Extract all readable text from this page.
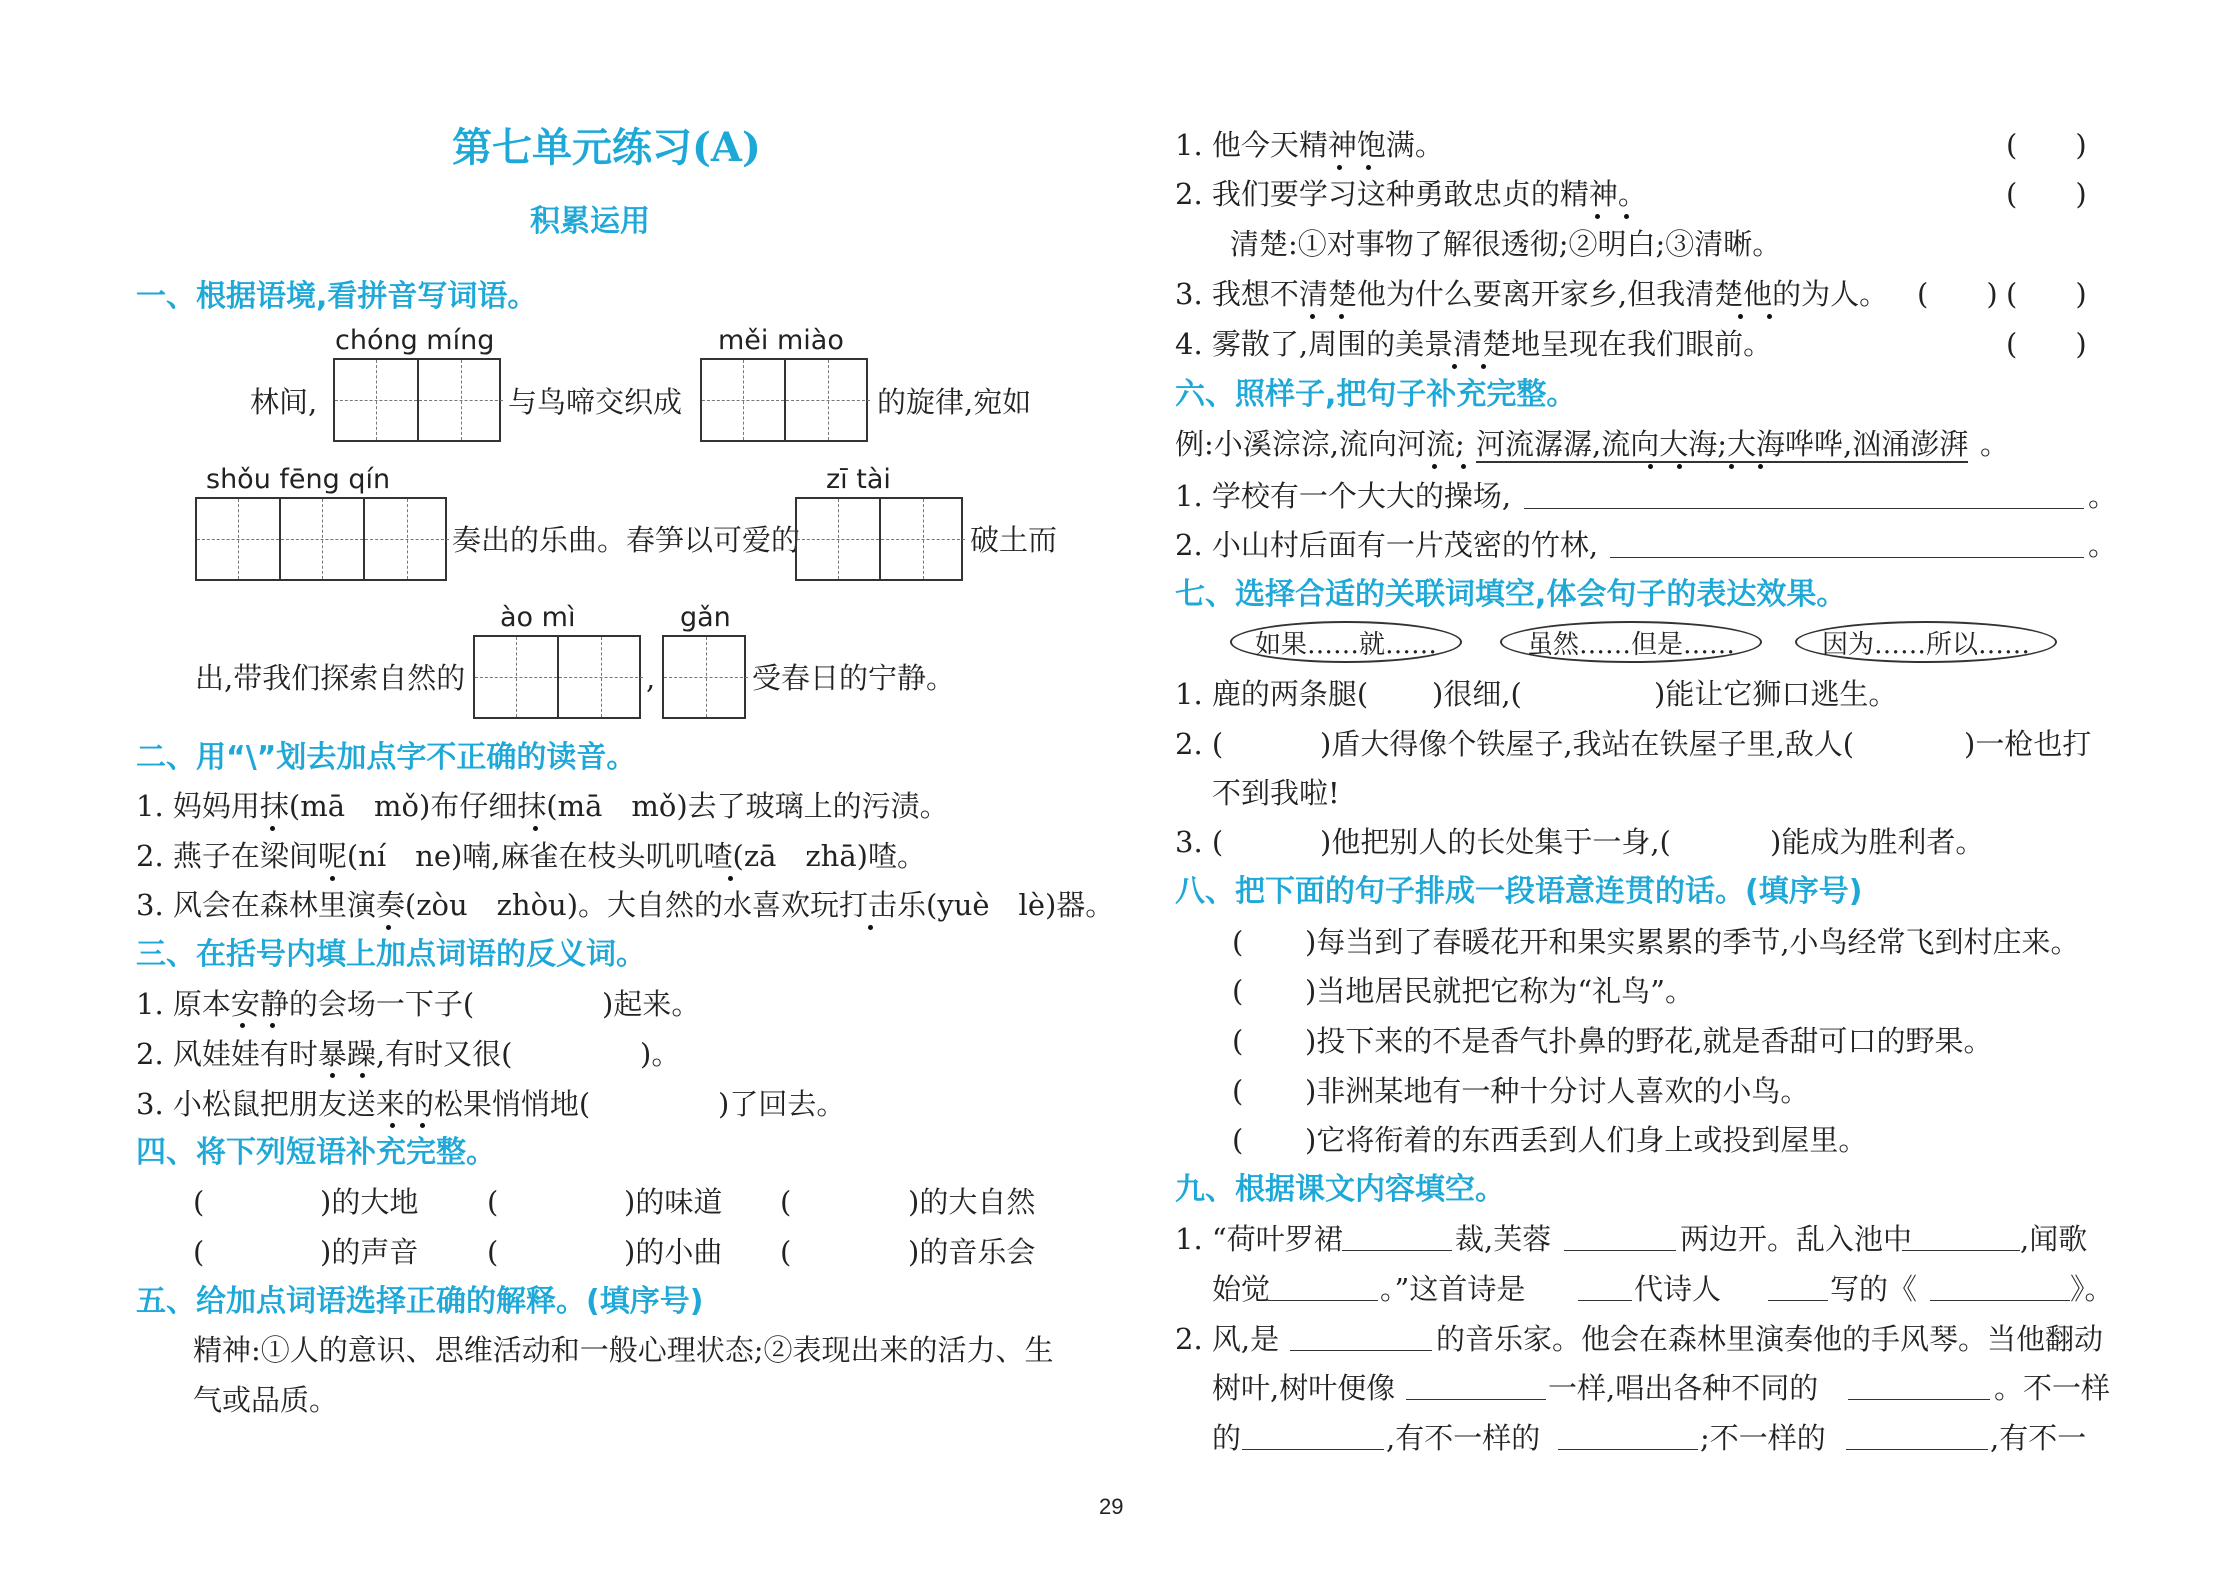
第七单元练习(A)
积累运用
一、根据语境,看拼音写词语。
chóng míng	měi miào
林间,	与鸟啼交织成	的旋律,宛如
shǒu fēng qín	zī tài
奏出的乐曲。春笋以可爱的	破土而
ào mì	gǎn
出,带我们探索自然的	,	受春日的宁静。
二、用“\”划去加点字不正确的读音。
1. 妈妈用抹(mā　mǒ)布仔细抹(mā　mǒ)去了玻璃上的污渍。
2. 燕子在梁间呢(ní　ne)喃,麻雀在枝头叽叽喳(zā　zhā)喳。
3. 风会在森林里演奏(zòu　zhòu)。大自然的水喜欢玩打击乐(yuè　lè)器。
三、在括号内填上加点词语的反义词。
1. 原本安静的会场一下子(	)起来。
2. 风娃娃有时暴躁,有时又很(	)。
3. 小松鼠把朋友送来的松果悄悄地(	)了回去。
四、将下列短语补充完整。
(	)的大地 (	)的味道 (	)的大自然
(	)的声音 (	)的小曲 (	)的音乐会
五、给加点词语选择正确的解释。(填序号)
精神:①人的意识、思维活动和一般心理状态;②表现出来的活力、生
气或品质。
1. 他今天精神饱满。
2. 我们要学习这种勇敢忠贞的精神。
清楚:①对事物了解很透彻;②明白;③清晰。
3. 我想不清楚他为什么要离开家乡,但我清楚他的为人。
4. 雾散了,周围的美景清楚地呈现在我们眼前。
(　　)
(　　)
(　　) (　　)
(　　)
六、照样子,把句子补充完整。
例:小溪淙淙,流向河流; 河流潺潺,流向大海;大海哗哗,汹涌澎湃 。
1. 学校有一个大大的操场,	。
2. 小山村后面有一片茂密的竹林,	。
七、选择合适的关联词填空,体会句子的表达效果。
如果……就……	虽然……但是……	因为……所以……
1. 鹿的两条腿( )很细,(	)能让它狮口逃生。
2. (	)盾大得像个铁屋子,我站在铁屋子里,敌人(	)一枪也打
不到我啦!
3. (	)他把别人的长处集于一身,(	)能成为胜利者。
八、把下面的句子排成一段语意连贯的话。(填序号)
( )每当到了春暖花开和果实累累的季节,小鸟经常飞到村庄来。
( )当地居民就把它称为“礼鸟”。
( )投下来的不是香气扑鼻的野花,就是香甜可口的野果。
( )非洲某地有一种十分讨人喜欢的小鸟。
( )它将衔着的东西丢到人们身上或投到屋里。
九、根据课文内容填空。
1. “荷叶罗裙	裁,芙蓉	两边开。乱入池中	,闻歌
始觉	。”这首诗是	代诗人	写的《	》。
2. 风,是	的音乐家。他会在森林里演奏他的手风琴。当他翻动
树叶,树叶便像	一样,唱出各种不同的	。不一样
的	,有不一样的	;不一样的	,有不一
29
